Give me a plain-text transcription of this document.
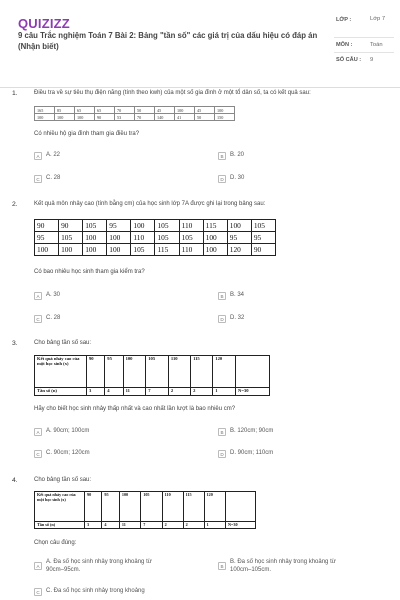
QUIZIZZ
9 câu Trắc nghiệm Toán 7 Bài 2: Bảng "tần số" các giá trị của dấu hiệu có đáp án (Nhận biết)
LỚP :	Lớp 7
MÔN :	Toán
SỐ CÂU : 9
1.	Điều tra về sự tiêu thụ điện năng (tính theo kwh) của một số gia đình ở một tổ dân số, ta có kết quả sau:
165	85	65	65	70	50	45	100	45	100
100	100	100	90	53	70	140	41	50	150
Có nhiều hộ gia đình tham gia điều tra?
A	A. 22	B	B. 20
C	C. 28	D	D. 30
2.	Kết quả môn nhảy cao (tính bằng cm) của học sinh lớp 7A được ghi lại trong bảng sau:
90	90	105	95	100	105	110	115	100	105
95	105	100	100	110	105	105	100	95	95
100	100	100	100	105	115	110	100	120	90
Có bao nhiêu học sinh tham gia kiểm tra?
A	A. 30	B	B. 34
C	C. 28	D	D. 32
3.	Cho bảng tần số sau:
Kết quả nhảy cao của một học sinh (x)	90	95	100	105	110	115	120	
Tần số (n)	3	4	11	7	2	2	1	N=30
Hãy cho biết học sinh nhảy thấp nhất và cao nhất lần lượt là bao nhiêu cm?
A	A. 90cm; 100cm	B	B. 120cm; 90cm
C	C. 90cm; 120cm	D	D. 90cm; 110cm
4.	Cho bảng tần số sau:
Kết quả nhảy cao của một học sinh (x)	90	95	100	105	110	115	120	
Tần số (n)	3	4	11	7	2	2	1	N=30
Chọn câu đúng:
A
A. Đa số học sinh nhảy trong khoảng từ 90cm–95cm.
B
B. Đa số học sinh nhảy trong khoảng từ 100cm–105cm.
C	C. Đa số học sinh nhảy trong khoảng
